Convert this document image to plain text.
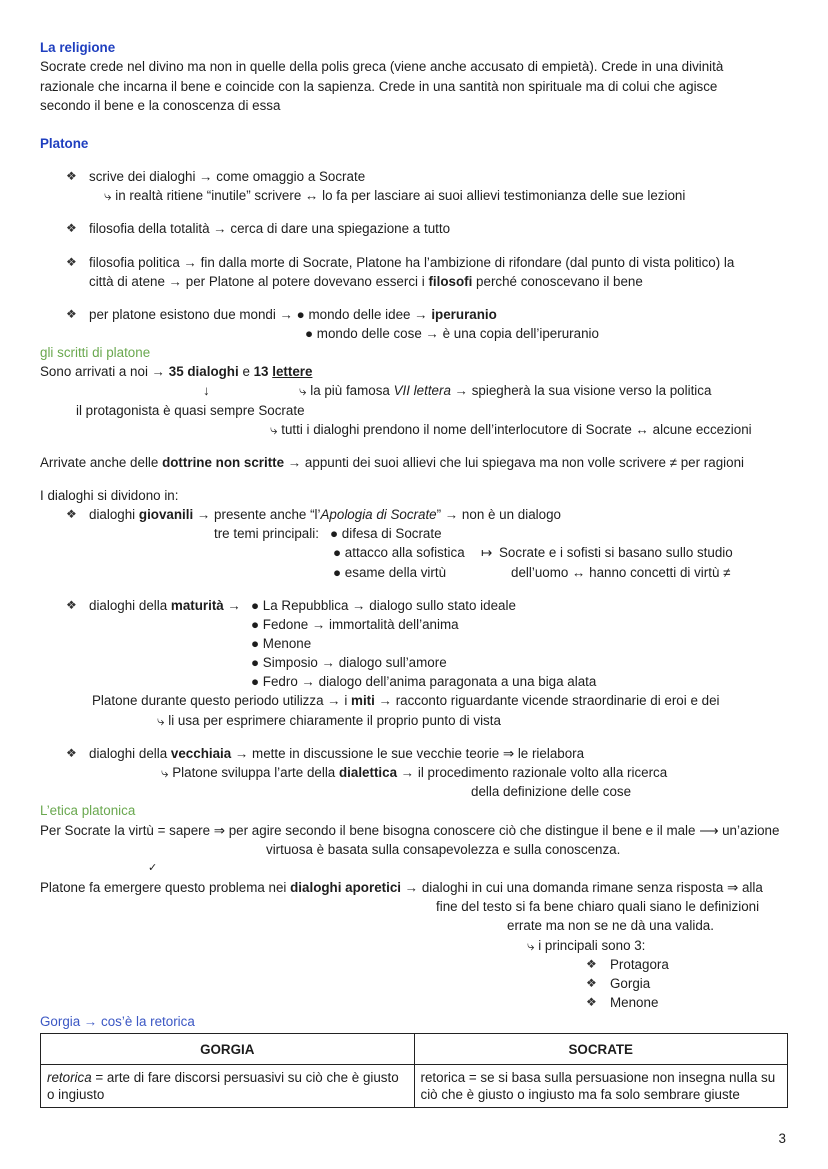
La religione
Socrate crede nel divino ma non in quelle della polis greca (viene anche accusato di empietà). Crede in una divinità
razionale che incarna il bene e coincide con la sapienza. Crede in una santità non spirituale ma di colui che agisce
secondo il bene e la conoscenza di essa
Platone
❖ scrive dei dialoghi → come omaggio a Socrate
⤷ in realtà ritiene “inutile” scrivere ↔ lo fa per lasciare ai suoi allievi testimonianza delle sue lezioni
❖ filosofia della totalità → cerca di dare una spiegazione a tutto
❖ filosofia politica → fin dalla morte di Socrate, Platone ha l’ambizione di rifondare (dal punto di vista politico) la
città di atene → per Platone al potere dovevano esserci i filosofi perché conoscevano il bene
❖ per platone esistono due mondi → ● mondo delle idee → iperuranio
● mondo delle cose → è una copia dell’iperuranio
gli scritti di platone
Sono arrivati a noi → 35 dialoghi e 13 lettere
↓	⤷ la più famosa VII lettera → spiegherà la sua visione verso la politica
il protagonista è quasi sempre Socrate
⤷ tutti i dialoghi prendono il nome dell’interlocutore di Socrate ↔ alcune eccezioni
Arrivate anche delle dottrine non scritte → appunti dei suoi allievi che lui spiegava ma non volle scrivere ≠ per ragioni
I dialoghi si dividono in:
❖ dialoghi giovanili → presente anche “l’Apologia di Socrate” → non è un dialogo
tre temi principali: ● difesa di Socrate
● attacco alla sofistica ↦ Socrate e i sofisti si basano sullo studio
● esame della virtù	dell’uomo ↔ hanno concetti di virtù ≠
❖ dialoghi della maturità → ● La Repubblica → dialogo sullo stato ideale
● Fedone → immortalità dell’anima
● Menone
● Simposio → dialogo sull’amore
● Fedro → dialogo dell’anima paragonata a una biga alata
Platone durante questo periodo utilizza → i miti → racconto riguardante vicende straordinarie di eroi e dei
⤷ li usa per esprimere chiaramente il proprio punto di vista
❖ dialoghi della vecchiaia → mette in discussione le sue vecchie teorie ⇒ le rielabora
⤷ Platone sviluppa l’arte della dialettica → il procedimento razionale volto alla ricerca
della definizione delle cose
L’etica platonica
Per Socrate la virtù = sapere ⇒ per agire secondo il bene bisogna conoscere ciò che distingue il bene e il male ⟶ un’azione
virtuosa è basata sulla consapevolezza e sulla conoscenza.
✓
Platone fa emergere questo problema nei dialoghi aporetici → dialoghi in cui una domanda rimane senza risposta ⇒ alla
fine del testo si fa bene chiaro quali siano le definizioni
errate ma non se ne dà una valida.
⤷ i principali sono 3:
❖ Protagora
❖ Gorgia
❖ Menone
Gorgia → cos’è la retorica
GORGIA	SOCRATE
retorica = arte di fare discorsi persuasivi su ciò che è giusto o ingiusto	retorica = se si basa sulla persuasione non insegna nulla su ciò che è giusto o ingiusto ma fa solo sembrare giuste
3
